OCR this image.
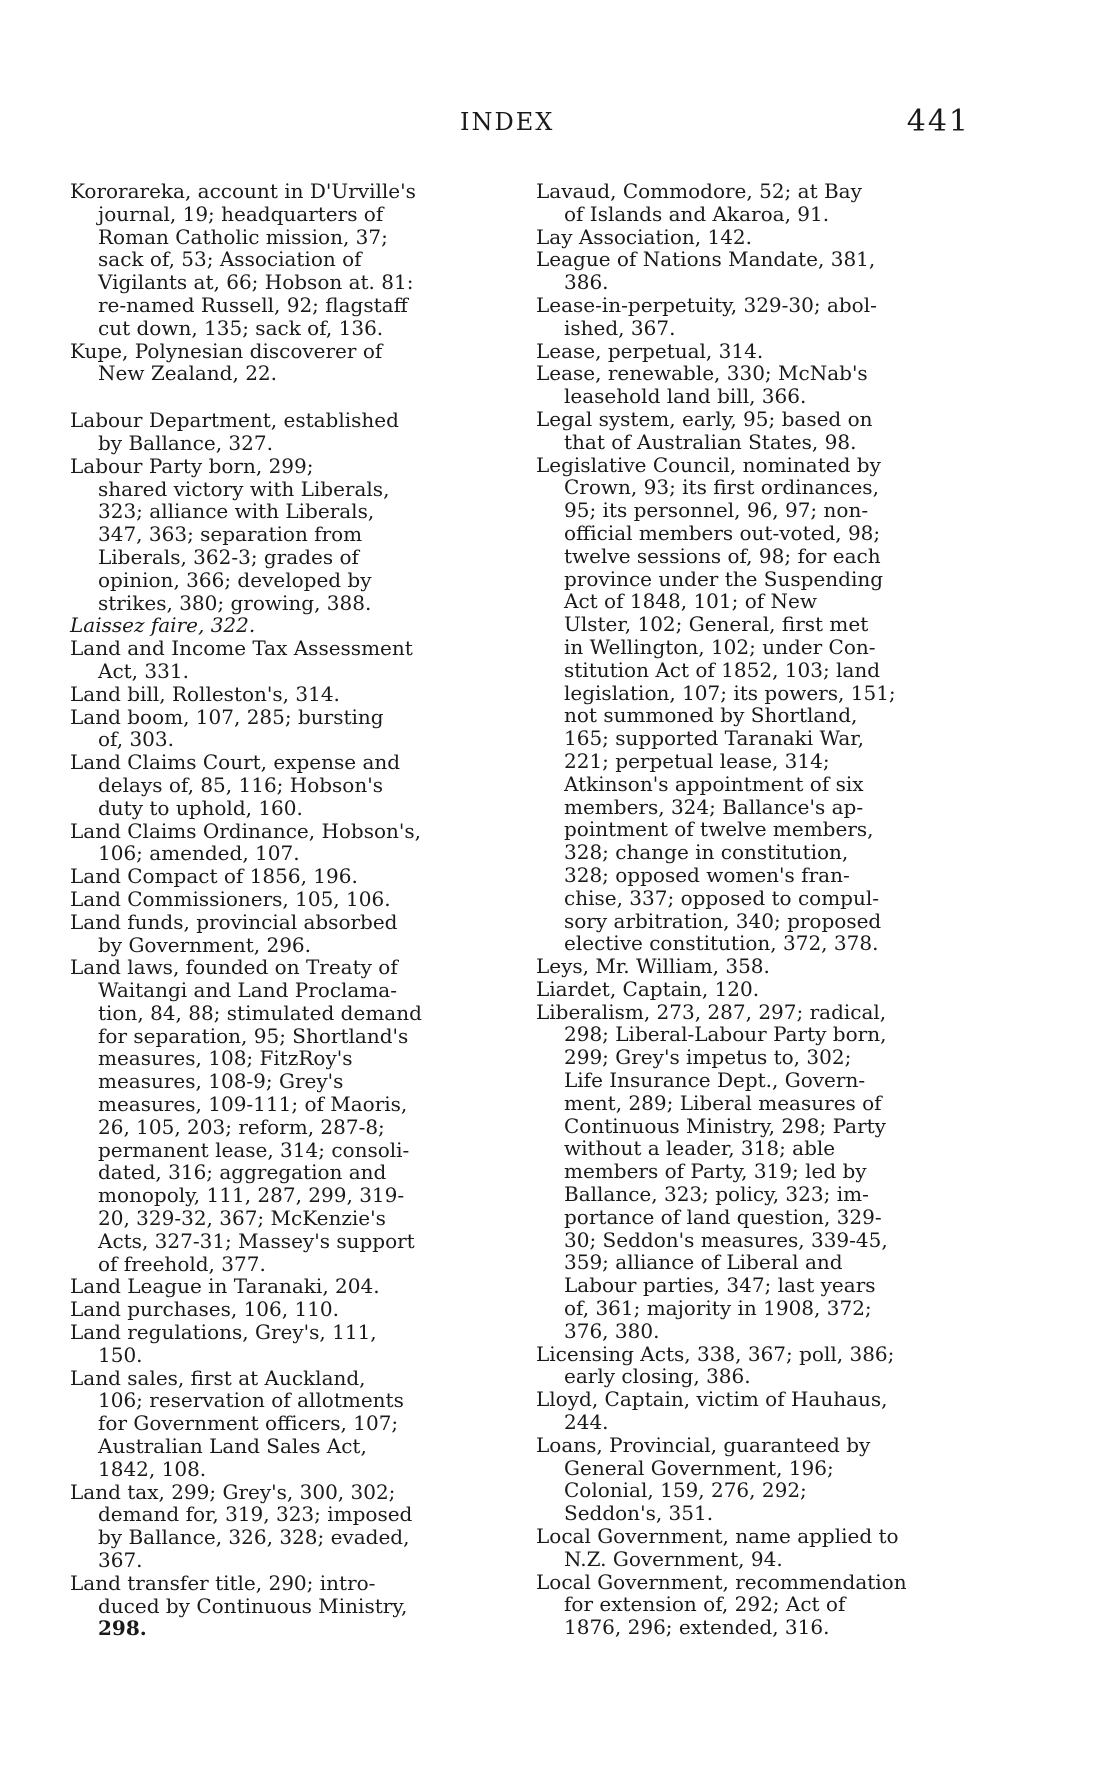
INDEX	441

Kororareka, account in D'Urville's
journal, 19; headquarters of
Roman Catholic mission, 37;
sack of, 53; Association of
Vigilants at, 66; Hobson at. 81:
re-named Russell, 92; flagstaff
cut down, 135; sack of, 136.

Kupe, Polynesian discoverer of
New Zealand, 22.

Labour Department, established
by Ballance, 327.

Labour Party born, 299;
shared victory with Liberals,
323; alliance with Liberals,
347, 363; separation from
Liberals, 362-3; grades of
opinion, 366; developed by
strikes, 380; growing, 388.

Laissez faire, 322.

Land and Income Tax Assessment
Act, 331.

Land bill, Rolleston's, 314.

Land boom, 107, 285; bursting
of, 303.

Land Claims Court, expense and
delays of, 85, 116; Hobson's
duty to uphold, 160.

Land Claims Ordinance, Hobson's,
106; amended, 107.

Land Compact of 1856, 196.

Land Commissioners, 105, 106.

Land funds, provincial absorbed
by Government, 296.

Land laws, founded on Treaty of
Waitangi and Land Proclama-
tion, 84, 88; stimulated demand
for separation, 95; Shortland's
measures, 108; FitzRoy's
measures, 108-9; Grey's
measures, 109-111; of Maoris,
26, 105, 203; reform, 287-8;
permanent lease, 314; consoli-
dated, 316; aggregation and
monopoly, 111, 287, 299, 319-
20, 329-32, 367; McKenzie's
Acts, 327-31; Massey's support
of freehold, 377.

Land League in Taranaki, 204.

Land purchases, 106, 110.

Land regulations, Grey's, 111,
150.

Land sales, first at Auckland,
106; reservation of allotments
for Government officers, 107;
Australian Land Sales Act,
1842, 108.

Land tax, 299; Grey's, 300, 302;
demand for, 319, 323; imposed
by Ballance, 326, 328; evaded,
367.

Land transfer title, 290; intro-
duced by Continuous Ministry,

298.

Lavaud, Commodore, 52; at Bay
of Islands and Akaroa, 91.

Lay Association, 142.

League of Nations Mandate, 381,
386.

Lease-in-perpetuity, 329-30; abol-
ished, 367.

Lease, perpetual, 314.

Lease, renewable, 330; McNab's
leasehold land bill, 366.

Legal system, early, 95; based on
that of Australian States, 98.

Legislative Council, nominated by
Crown, 93; its first ordinances,
95; its personnel, 96, 97; non-
official members out-voted, 98;
twelve sessions of, 98; for each
province under the Suspending
Act of 1848, 101; of New
Ulster, 102; General, first met
in Wellington, 102; under Con-
stitution Act of 1852, 103; land
legislation, 107; its powers, 151;
not summoned by Shortland,
165; supported Taranaki War,
221; perpetual lease, 314;
Atkinson's appointment of six
members, 324; Ballance's ap-
pointment of twelve members,
328; change in constitution,
328; opposed women's fran-
chise, 337; opposed to compul-
sory arbitration, 340; proposed
elective constitution, 372, 378.

Leys, Mr. William, 358.

Liardet, Captain, 120.

Liberalism, 273, 287, 297; radical,
298; Liberal-Labour Party born,
299; Grey's impetus to, 302;
Life Insurance Dept., Govern-
ment, 289; Liberal measures of
Continuous Ministry, 298; Party
without a leader, 318; able
members of Party, 319; led by
Ballance, 323; policy, 323; im-
portance of land question, 329-
30; Seddon's measures, 339-45,
359; alliance of Liberal and
Labour parties, 347; last years
of, 361; majority in 1908, 372;
376, 380.

Licensing Acts, 338, 367; poll, 386;
early closing, 386.

Lloyd, Captain, victim of Hauhaus,
244.

Loans, Provincial, guaranteed by
General Government, 196;
Colonial, 159, 276, 292;
Seddon's, 351.

Local Government, name applied to
N.Z. Government, 94.

Local Government, recommendation
for extension of, 292; Act of
1876, 296; extended, 316.
